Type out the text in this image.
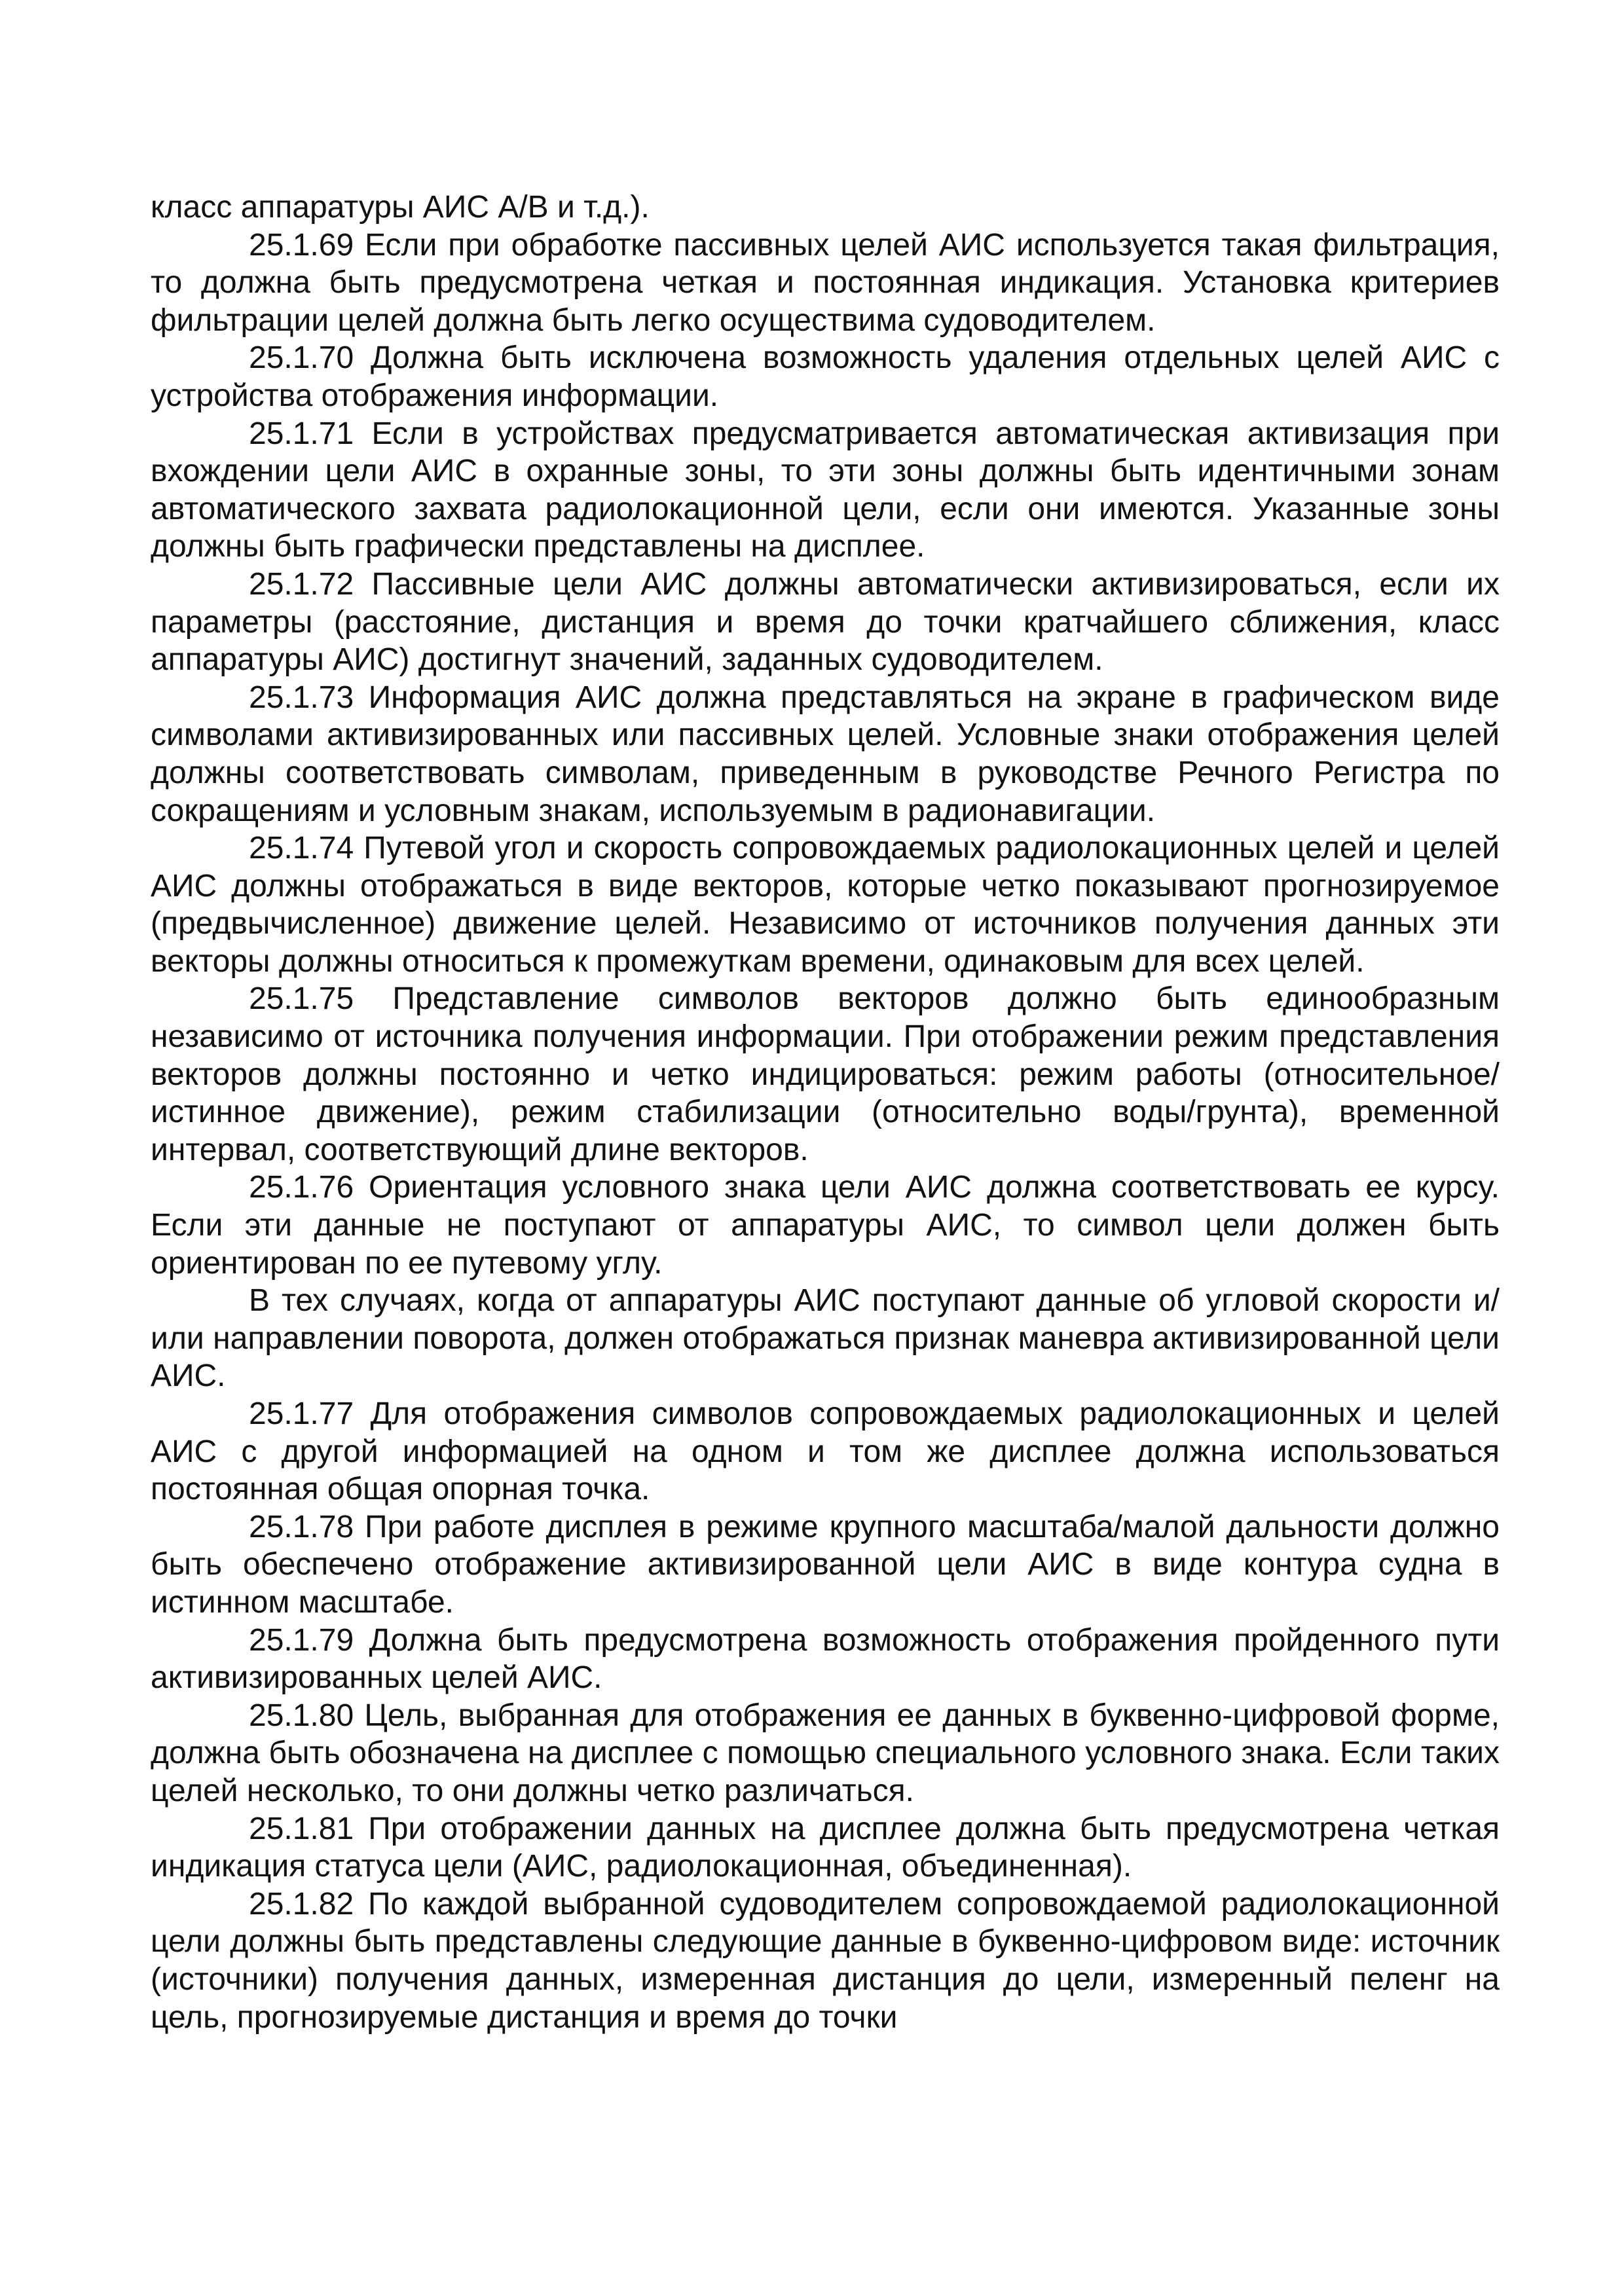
класс аппаратуры АИС А/В и т.д.).

25.1.69 Если при обработке пассивных целей АИС используется такая фильтрация, то должна быть предусмотрена четкая и постоянная индикация. Установка критериев фильтрации целей должна быть легко осуществима судоводителем.

25.1.70 Должна быть исключена возможность удаления отдельных целей АИС с устройства отображения информации.

25.1.71 Если в устройствах предусматривается автоматическая активизация при вхождении цели АИС в охранные зоны, то эти зоны должны быть идентичными зонам автоматического захвата радиолокационной цели, если они имеются. Указанные зоны должны быть графически представлены на дисплее.

25.1.72 Пассивные цели АИС должны автоматически активизироваться, если их параметры (расстояние, дистанция и время до точки кратчайшего сближения, класс аппаратуры АИС) достигнут значений, заданных судоводителем.

25.1.73 Информация АИС должна представляться на экране в графическом виде символами активизированных или пассивных целей. Условные знаки отображения целей должны соответствовать символам, приведенным в руководстве Речного Регистра по сокращениям и условным знакам, используемым в радионавигации.

25.1.74 Путевой угол и скорость сопровождаемых радиолокационных целей и целей АИС должны отображаться в виде векторов, которые четко показывают прогнозируемое (предвычисленное) движение целей. Независимо от источников получения данных эти векторы должны относиться к промежуткам времени, одинаковым для всех целей.

25.1.75 Представление символов векторов должно быть единообразным независимо от источника получения информации. При отображении режим представления векторов должны постоянно и четко индицироваться: режим работы (относительное/истинное движение), режим стабилизации (относительно воды/грунта), временной интервал, соответствующий длине векторов.

25.1.76 Ориентация условного знака цели АИС должна соответствовать ее курсу. Если эти данные не поступают от аппаратуры АИС, то символ цели должен быть ориентирован по ее путевому углу.

В тех случаях, когда от аппаратуры АИС поступают данные об угловой скорости и/или направлении поворота, должен отображаться признак маневра активизированной цели АИС.

25.1.77 Для отображения символов сопровождаемых радиолокационных и целей АИС с другой информацией на одном и том же дисплее должна использоваться постоянная общая опорная точка.

25.1.78 При работе дисплея в режиме крупного масштаба/малой дальности должно быть обеспечено отображение активизированной цели АИС в виде контура судна в истинном масштабе.

25.1.79 Должна быть предусмотрена возможность отображения пройденного пути активизированных целей АИС.

25.1.80 Цель, выбранная для отображения ее данных в буквенно-цифровой форме, должна быть обозначена на дисплее с помощью специального условного знака. Если таких целей несколько, то они должны четко различаться.

25.1.81 При отображении данных на дисплее должна быть предусмотрена четкая индикация статуса цели (АИС, радиолокационная, объединенная).

25.1.82 По каждой выбранной судоводителем сопровождаемой радиолокационной цели должны быть представлены следующие данные в буквенно-цифровом виде: источник (источники) получения данных, измеренная дистанция до цели, измеренный пеленг на цель, прогнозируемые дистанция и время до точки
